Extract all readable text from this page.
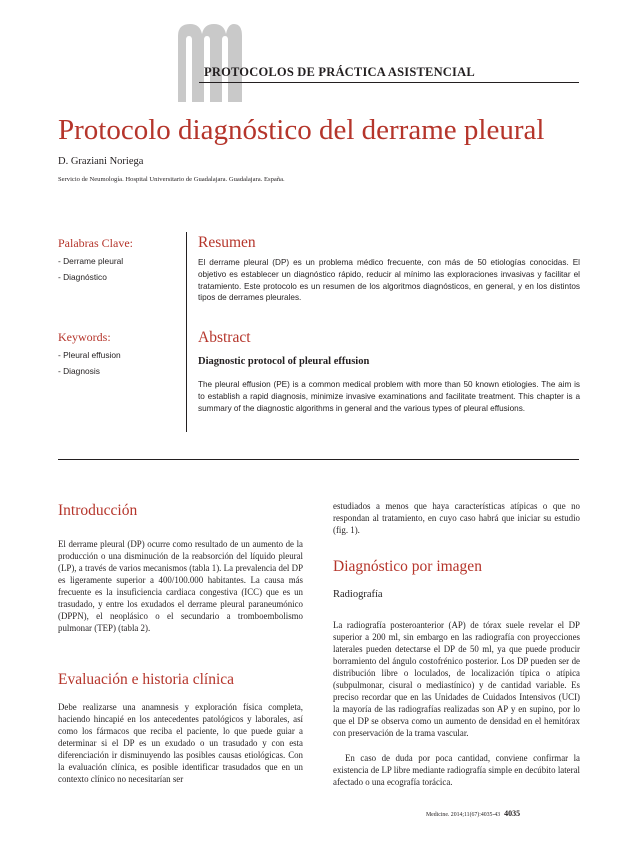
PROTOCOLOS DE PRÁCTICA ASISTENCIAL
Protocolo diagnóstico del derrame pleural
D. Graziani Noriega
Servicio de Neumología. Hospital Universitario de Guadalajara. Guadalajara. España.
Palabras Clave:
- Derrame pleural
- Diagnóstico
Keywords:
- Pleural effusion
- Diagnosis
Resumen
El derrame pleural (DP) es un problema médico frecuente, con más de 50 etiologías conocidas. El objetivo es establecer un diagnóstico rápido, reducir al mínimo las exploraciones invasivas y facilitar el tratamiento. Este protocolo es un resumen de los algoritmos diagnósticos, en general, y en los distintos tipos de derrames pleurales.
Abstract
Diagnostic protocol of pleural effusion
The pleural effusion (PE) is a common medical problem with more than 50 known etiologies. The aim is to establish a rapid diagnosis, minimize invasive examinations and facilitate treatment. This chapter is a summary of the diagnostic algorithms in general and the various types of pleural effusions.
Introducción
El derrame pleural (DP) ocurre como resultado de un aumento de la producción o una disminución de la reabsorción del líquido pleural (LP), a través de varios mecanismos (tabla 1). La prevalencia del DP es ligeramente superior a 400/100.000 habitantes. La causa más frecuente es la insuficiencia cardiaca congestiva (ICC) que es un trasudado, y entre los exudados el derrame pleural paraneumónico (DPPN), el neoplásico o el secundario a tromboembolismo pulmonar (TEP) (tabla 2).
Evaluación e historia clínica
Debe realizarse una anamnesis y exploración física completa, haciendo hincapié en los antecedentes patológicos y laborales, así como los fármacos que reciba el paciente, lo que puede guiar a determinar si el DP es un exudado o un trasudado y con esta diferenciación ir disminuyendo las posibles causas etiológicas. Con la evaluación clínica, es posible identificar trasudados que en un contexto clínico no necesitarían ser
estudiados a menos que haya características atípicas o que no respondan al tratamiento, en cuyo caso habrá que iniciar su estudio (fig. 1).
Diagnóstico por imagen
Radiografía
La radiografía posteroanterior (AP) de tórax suele revelar el DP superior a 200 ml, sin embargo en las radiografía con proyecciones laterales pueden detectarse el DP de 50 ml, ya que puede producir borramiento del ángulo costofrénico posterior. Los DP pueden ser de distribución libre o loculados, de localización típica o atípica (subpulmonar, cisural o mediastínico) y de cantidad variable. Es preciso recordar que en las Unidades de Cuidados Intensivos (UCI) la mayoría de las radiografías realizadas son AP y en supino, por lo que el DP se observa como un aumento de densidad en el hemitórax con preservación de la trama vascular.
En caso de duda por poca cantidad, conviene confirmar la existencia de LP libre mediante radiografía simple en decúbito lateral afectado o una ecografía torácica.
Medicine. 2014;11(67):4035-43 4035
